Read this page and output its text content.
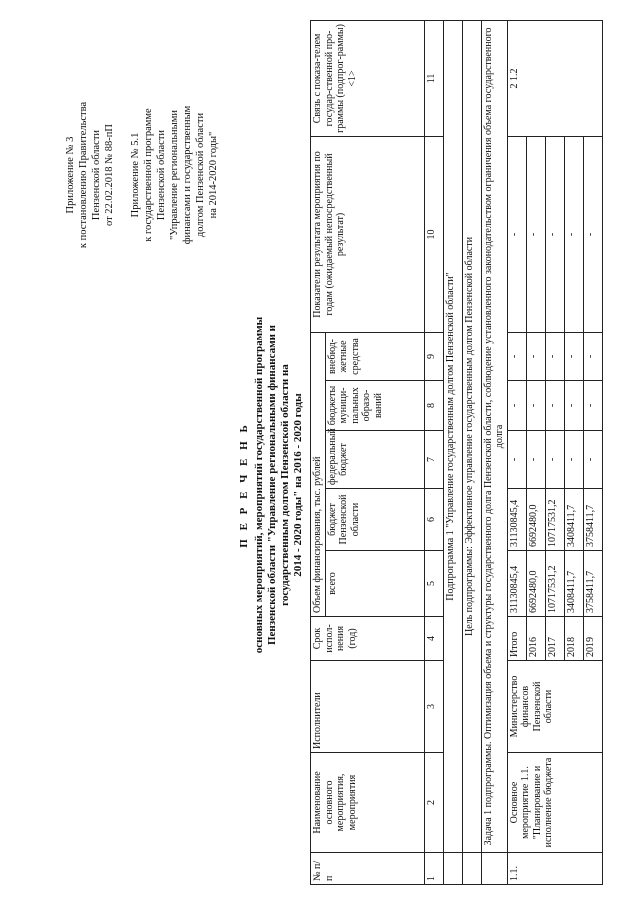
Приложение № 3 к постановлению Правительства Пензенской области от 22.02.2018 № 88-пП Приложение № 5.1 к государственной программе Пензенской области "Управление региональными финансами и государственным долгом Пензенской области на 2014-2020 годы"
П Е Р Е Ч Е Н Ь основных мероприятий, мероприятий государственной программы Пензенской области "Управление региональными финансами и государственным долгом Пензенской области на 2014 - 2020 годы" на 2016 - 2020 годы
№ п/п	Наименование основного мероприятия, мероприятия	Исполнители	Срок испол-нения (год)	Объем финансирования, тыс. рублей					Показатели результата мероприятия по годам (ожидаемый непосредственный результат)	Связь с показа-телем государ-ственной про-граммы (подпрог-раммы) <1>
				всего	бюджет Пензенской области	федеральный бюджет	бюджеты муници-пальных образо-ваний	внебюд-жетные средства		
1	2	3	4	5	6	7	8	9	10	11
	Подпрограмма 1 "Управление государственным долгом Пензенской области"									
	Цель подпрограммы: Эффективное управление государственным долгом Пензенской области									
	Задача 1 подпрограммы. Оптимизация объема и структуры государственного долга Пензенской области, соблюдение установленного законодательством ограничения объема государственного долга									
1.1.	Основное мероприятие 1.1. "Планирование и исполнение бюджета	Министерство финансов Пензенской области	Итого	31130845,4	31130845,4	-	-	-	-	2 1.2
			2016	6692480,0	6692480,0	-	-	-	-	
			2017	10717531,2	10717531,2	-	-	-	-	
			2018	3408411,7	3408411,7	-	-	-	-	
			2019	3758411,7	3758411,7	-	-	-	-	
